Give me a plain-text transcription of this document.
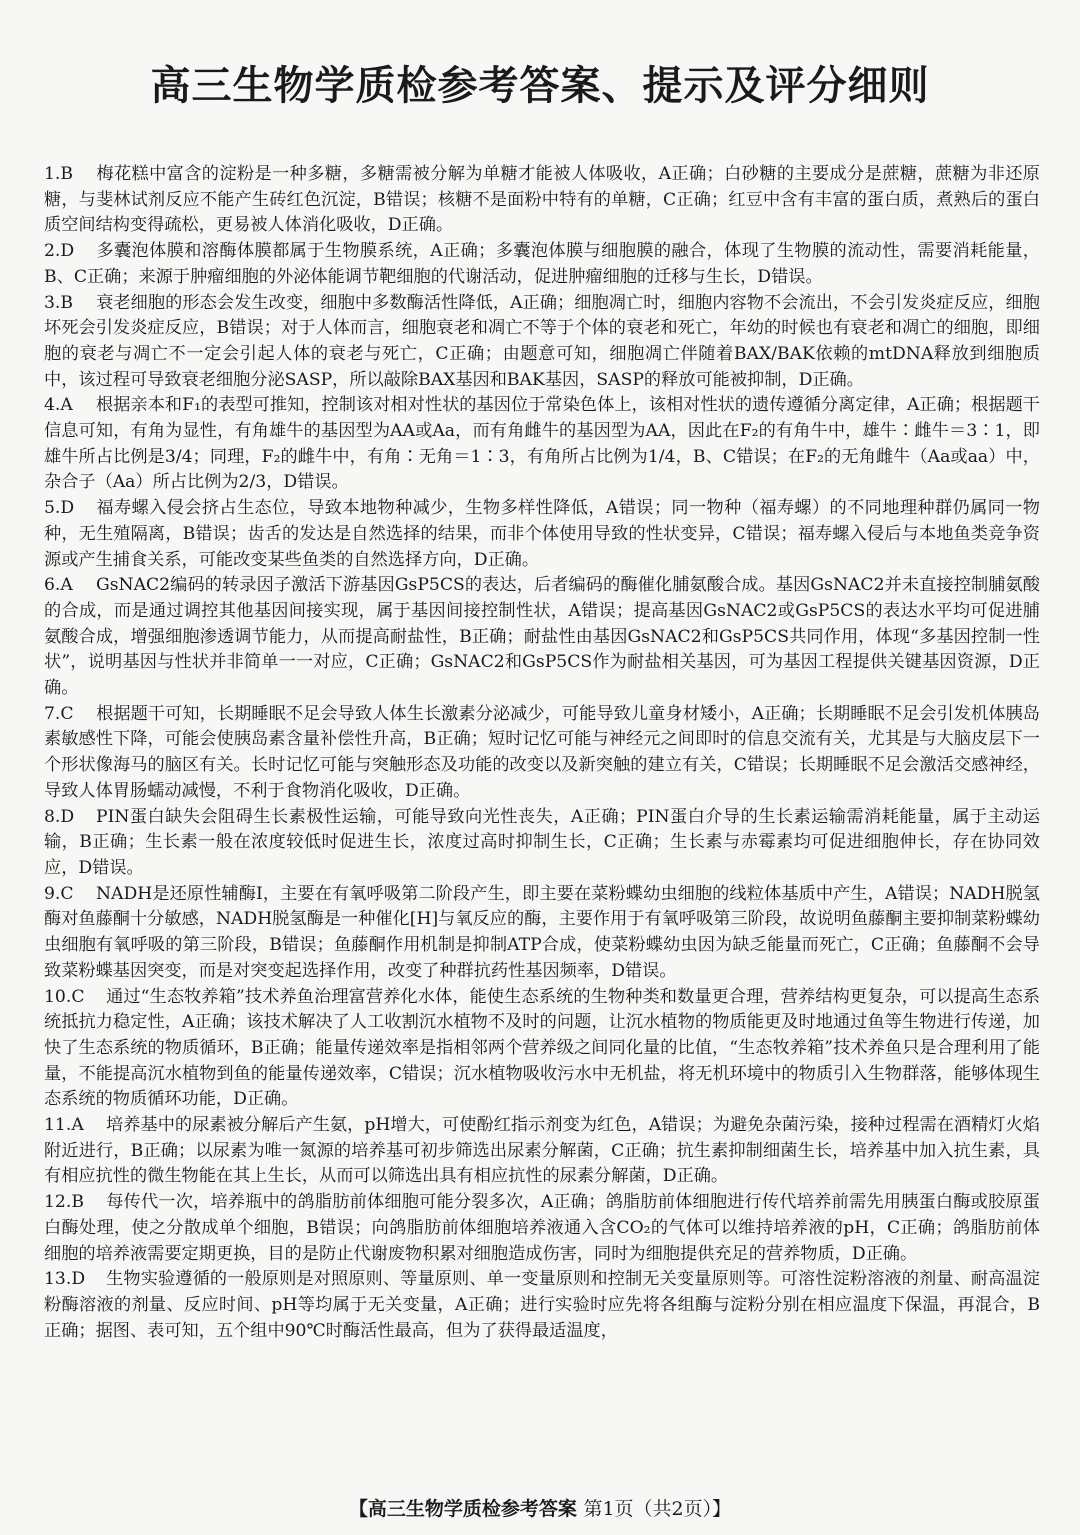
高三生物学质检参考答案、提示及评分细则
1.B 梅花糕中富含的淀粉是一种多糖，多糖需被分解为单糖才能被人体吸收，A正确；白砂糖的主要成分是蔗糖，蔗糖为非还原糖，与斐林试剂反应不能产生砖红色沉淀，B错误；核糖不是面粉中特有的单糖，C正确；红豆中含有丰富的蛋白质，煮熟后的蛋白质空间结构变得疏松，更易被人体消化吸收，D正确。
2.D 多囊泡体膜和溶酶体膜都属于生物膜系统，A正确；多囊泡体膜与细胞膜的融合，体现了生物膜的流动性，需要消耗能量，B、C正确；来源于肿瘤细胞的外泌体能调节靶细胞的代谢活动，促进肿瘤细胞的迁移与生长，D错误。
3.B 衰老细胞的形态会发生改变，细胞中多数酶活性降低，A正确；细胞凋亡时，细胞内容物不会流出，不会引发炎症反应，细胞坏死会引发炎症反应，B错误；对于人体而言，细胞衰老和凋亡不等于个体的衰老和死亡，年幼的时候也有衰老和凋亡的细胞，即细胞的衰老与凋亡不一定会引起人体的衰老与死亡，C正确；由题意可知，细胞凋亡伴随着BAX/BAK依赖的mtDNA释放到细胞质中，该过程可导致衰老细胞分泌SASP，所以敲除BAX基因和BAK基因，SASP的释放可能被抑制，D正确。
4.A 根据亲本和F₁的表型可推知，控制该对相对性状的基因位于常染色体上，该相对性状的遗传遵循分离定律，A正确；根据题干信息可知，有角为显性，有角雄牛的基因型为AA或Aa，而有角雌牛的基因型为AA，因此在F₂的有角牛中，雄牛∶雌牛＝3∶1，即雄牛所占比例是3/4；同理，F₂的雌牛中，有角∶无角＝1∶3，有角所占比例为1/4，B、C错误；在F₂的无角雌牛（Aa或aa）中，杂合子（Aa）所占比例为2/3，D错误。
5.D 福寿螺入侵会挤占生态位，导致本地物种减少，生物多样性降低，A错误；同一物种（福寿螺）的不同地理种群仍属同一物种，无生殖隔离，B错误；齿舌的发达是自然选择的结果，而非个体使用导致的性状变异，C错误；福寿螺入侵后与本地鱼类竞争资源或产生捕食关系，可能改变某些鱼类的自然选择方向，D正确。
6.A GsNAC2编码的转录因子激活下游基因GsP5CS的表达，后者编码的酶催化脯氨酸合成。基因GsNAC2并未直接控制脯氨酸的合成，而是通过调控其他基因间接实现，属于基因间接控制性状，A错误；提高基因GsNAC2或GsP5CS的表达水平均可促进脯氨酸合成，增强细胞渗透调节能力，从而提高耐盐性，B正确；耐盐性由基因GsNAC2和GsP5CS共同作用，体现“多基因控制一性状”，说明基因与性状并非简单一一对应，C正确；GsNAC2和GsP5CS作为耐盐相关基因，可为基因工程提供关键基因资源，D正确。
7.C 根据题干可知，长期睡眠不足会导致人体生长激素分泌减少，可能导致儿童身材矮小，A正确；长期睡眠不足会引发机体胰岛素敏感性下降，可能会使胰岛素含量补偿性升高，B正确；短时记忆可能与神经元之间即时的信息交流有关，尤其是与大脑皮层下一个形状像海马的脑区有关。长时记忆可能与突触形态及功能的改变以及新突触的建立有关，C错误；长期睡眠不足会激活交感神经，导致人体胃肠蠕动减慢，不利于食物消化吸收，D正确。
8.D PIN蛋白缺失会阻碍生长素极性运输，可能导致向光性丧失，A正确；PIN蛋白介导的生长素运输需消耗能量，属于主动运输，B正确；生长素一般在浓度较低时促进生长，浓度过高时抑制生长，C正确；生长素与赤霉素均可促进细胞伸长，存在协同效应，D错误。
9.C NADH是还原性辅酶Ⅰ，主要在有氧呼吸第二阶段产生，即主要在菜粉蝶幼虫细胞的线粒体基质中产生，A错误；NADH脱氢酶对鱼藤酮十分敏感，NADH脱氢酶是一种催化[H]与氧反应的酶，主要作用于有氧呼吸第三阶段，故说明鱼藤酮主要抑制菜粉蝶幼虫细胞有氧呼吸的第三阶段，B错误；鱼藤酮作用机制是抑制ATP合成，使菜粉蝶幼虫因为缺乏能量而死亡，C正确；鱼藤酮不会导致菜粉蝶基因突变，而是对突变起选择作用，改变了种群抗药性基因频率，D错误。
10.C 通过“生态牧养箱”技术养鱼治理富营养化水体，能使生态系统的生物种类和数量更合理，营养结构更复杂，可以提高生态系统抵抗力稳定性，A正确；该技术解决了人工收割沉水植物不及时的问题，让沉水植物的物质能更及时地通过鱼等生物进行传递，加快了生态系统的物质循环，B正确；能量传递效率是指相邻两个营养级之间同化量的比值，“生态牧养箱”技术养鱼只是合理利用了能量，不能提高沉水植物到鱼的能量传递效率，C错误；沉水植物吸收污水中无机盐，将无机环境中的物质引入生物群落，能够体现生态系统的物质循环功能，D正确。
11.A 培养基中的尿素被分解后产生氨，pH增大，可使酚红指示剂变为红色，A错误；为避免杂菌污染，接种过程需在酒精灯火焰附近进行，B正确；以尿素为唯一氮源的培养基可初步筛选出尿素分解菌，C正确；抗生素抑制细菌生长，培养基中加入抗生素，具有相应抗性的微生物能在其上生长，从而可以筛选出具有相应抗性的尿素分解菌，D正确。
12.B 每传代一次，培养瓶中的鸽脂肪前体细胞可能分裂多次，A正确；鸽脂肪前体细胞进行传代培养前需先用胰蛋白酶或胶原蛋白酶处理，使之分散成单个细胞，B错误；向鸽脂肪前体细胞培养液通入含CO₂的气体可以维持培养液的pH，C正确；鸽脂肪前体细胞的培养液需要定期更换，目的是防止代谢废物积累对细胞造成伤害，同时为细胞提供充足的营养物质，D正确。
13.D 生物实验遵循的一般原则是对照原则、等量原则、单一变量原则和控制无关变量原则等。可溶性淀粉溶液的剂量、耐高温淀粉酶溶液的剂量、反应时间、pH等均属于无关变量，A正确；进行实验时应先将各组酶与淀粉分别在相应温度下保温，再混合，B正确；据图、表可知，五个组中90℃时酶活性最高，但为了获得最适温度，
【高三生物学质检参考答案 第1页（共2页）】
